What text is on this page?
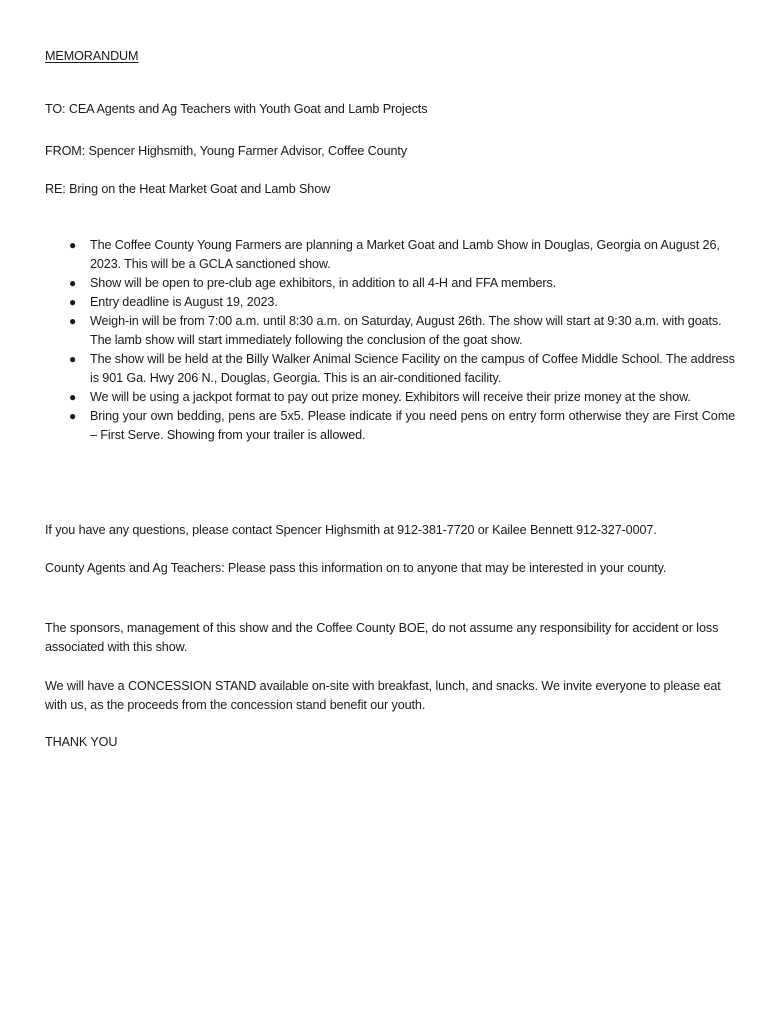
MEMORANDUM
TO: CEA Agents and Ag Teachers with Youth Goat and Lamb Projects
FROM: Spencer Highsmith, Young Farmer Advisor, Coffee County
RE: Bring on the Heat Market Goat and Lamb Show
● The Coffee County Young Farmers are planning a Market Goat and Lamb Show in Douglas, Georgia on August 26, 2023. This will be a GCLA sanctioned show.
● Show will be open to pre-club age exhibitors, in addition to all 4-H and FFA members.
● Entry deadline is August 19, 2023.
● Weigh-in will be from 7:00 a.m. until 8:30 a.m. on Saturday, August 26th. The show will start at 9:30 a.m. with goats. The lamb show will start immediately following the conclusion of the goat show.
● The show will be held at the Billy Walker Animal Science Facility on the campus of Coffee Middle School. The address is 901 Ga. Hwy 206 N., Douglas, Georgia. This is an air-conditioned facility.
● We will be using a jackpot format to pay out prize money. Exhibitors will receive their prize money at the show.
● Bring your own bedding, pens are 5x5. Please indicate if you need pens on entry form otherwise they are First Come – First Serve. Showing from your trailer is allowed.
If you have any questions, please contact Spencer Highsmith at 912-381-7720 or Kailee Bennett 912-327-0007.
County Agents and Ag Teachers: Please pass this information on to anyone that may be interested in your county.
The sponsors, management of this show and the Coffee County BOE, do not assume any responsibility for accident or loss associated with this show.
We will have a CONCESSION STAND available on-site with breakfast, lunch, and snacks. We invite everyone to please eat with us, as the proceeds from the concession stand benefit our youth.
THANK YOU
